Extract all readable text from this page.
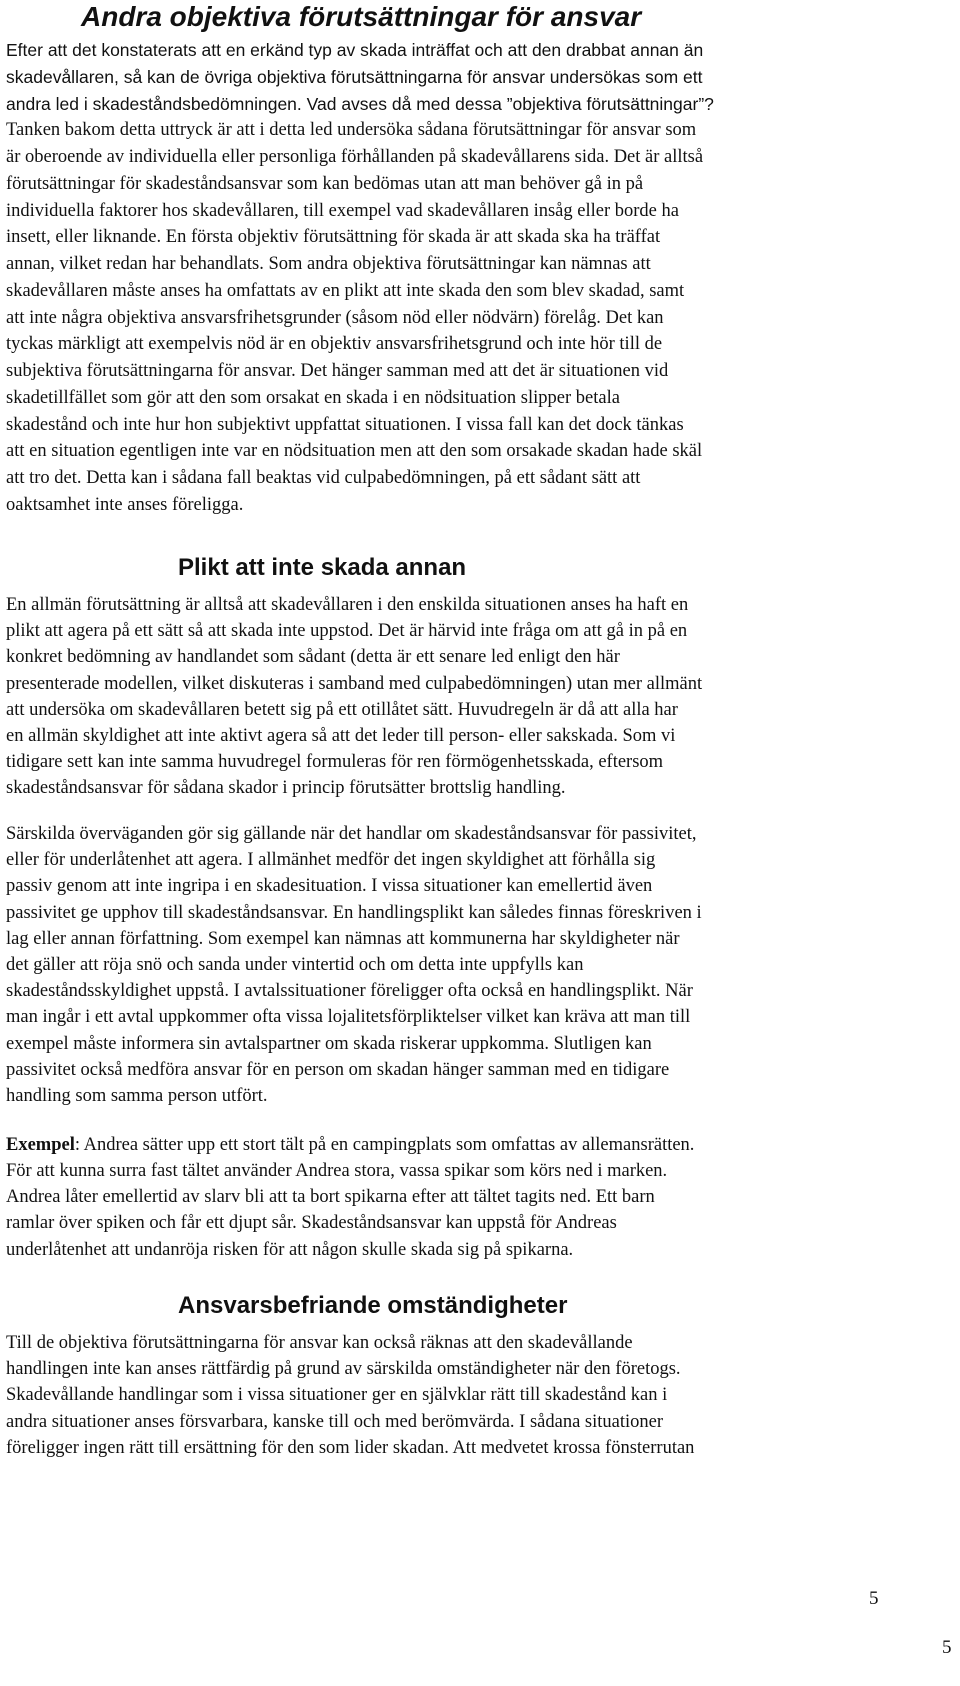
Andra objektiva förutsättningar för ansvar

Efter att det konstaterats att en erkänd typ av skada inträffat och att den drabbat annan än

skadevållaren, så kan de övriga objektiva förutsättningarna för ansvar undersökas som ett

andra led i skadeståndsbedömningen. Vad avses då med dessa ”objektiva förutsättningar”?

Tanken bakom detta uttryck är att i detta led undersöka sådana förutsättningar för ansvar som

är oberoende av individuella eller personliga förhållanden på skadevållarens sida. Det är alltså

förutsättningar för skadeståndsansvar som kan bedömas utan att man behöver gå in på

individuella faktorer hos skadevållaren, till exempel vad skadevållaren insåg eller borde ha

insett, eller liknande. En första objektiv förutsättning för skada är att skada ska ha träffat

annan, vilket redan har behandlats. Som andra objektiva förutsättningar kan nämnas att

skadevållaren måste anses ha omfattats av en plikt att inte skada den som blev skadad, samt

att inte några objektiva ansvarsfrihetsgrunder (såsom nöd eller nödvärn) förelåg. Det kan

tyckas märkligt att exempelvis nöd är en objektiv ansvarsfrihetsgrund och inte hör till de

subjektiva förutsättningarna för ansvar. Det hänger samman med att det är situationen vid

skadetillfället som gör att den som orsakat en skada i en nödsituation slipper betala

skadestånd och inte hur hon subjektivt uppfattat situationen. I vissa fall kan det dock tänkas

att en situation egentligen inte var en nödsituation men att den som orsakade skadan hade skäl

att tro det. Detta kan i sådana fall beaktas vid culpabedömningen, på ett sådant sätt att

oaktsamhet inte anses föreligga.

Plikt att inte skada annan

En allmän förutsättning är alltså att skadevållaren i den enskilda situationen anses ha haft en

plikt att agera på ett sätt så att skada inte uppstod. Det är härvid inte fråga om att gå in på en

konkret bedömning av handlandet som sådant (detta är ett senare led enligt den här

presenterade modellen, vilket diskuteras i samband med culpabedömningen) utan mer allmänt

att undersöka om skadevållaren betett sig på ett otillåtet sätt. Huvudregeln är då att alla har

en allmän skyldighet att inte aktivt agera så att det leder till person- eller sakskada. Som vi

tidigare sett kan inte samma huvudregel formuleras för ren förmögenhetsskada, eftersom

skadeståndsansvar för sådana skador i princip förutsätter brottslig handling.

Särskilda överväganden gör sig gällande när det handlar om skadeståndsansvar för passivitet,

eller för underlåtenhet att agera. I allmänhet medför det ingen skyldighet att förhålla sig

passiv genom att inte ingripa i en skadesituation. I vissa situationer kan emellertid även

passivitet ge upphov till skadeståndsansvar. En handlingsplikt kan således finnas föreskriven i

lag eller annan författning. Som exempel kan nämnas att kommunerna har skyldigheter när

det gäller att röja snö och sanda under vintertid och om detta inte uppfylls kan

skadeståndsskyldighet uppstå. I avtalssituationer föreligger ofta också en handlingsplikt. När

man ingår i ett avtal uppkommer ofta vissa lojalitetsförpliktelser vilket kan kräva att man till

exempel måste informera sin avtalspartner om skada riskerar uppkomma. Slutligen kan

passivitet också medföra ansvar för en person om skadan hänger samman med en tidigare

handling som samma person utfört.

Exempel: Andrea sätter upp ett stort tält på en campingplats som omfattas av allemansrätten.

För att kunna surra fast tältet använder Andrea stora, vassa spikar som körs ned i marken.

Andrea låter emellertid av slarv bli att ta bort spikarna efter att tältet tagits ned. Ett barn

ramlar över spiken och får ett djupt sår. Skadeståndsansvar kan uppstå för Andreas

underlåtenhet att undanröja risken för att någon skulle skada sig på spikarna.

Ansvarsbefriande omständigheter

Till de objektiva förutsättningarna för ansvar kan också räknas att den skadevållande

handlingen inte kan anses rättfärdig på grund av särskilda omständigheter när den företogs.

Skadevållande handlingar som i vissa situationer ger en självklar rätt till skadestånd kan i

andra situationer anses försvarbara, kanske till och med berömvärda. I sådana situationer

föreligger ingen rätt till ersättning för den som lider skadan. Att medvetet krossa fönsterrutan

5
5
